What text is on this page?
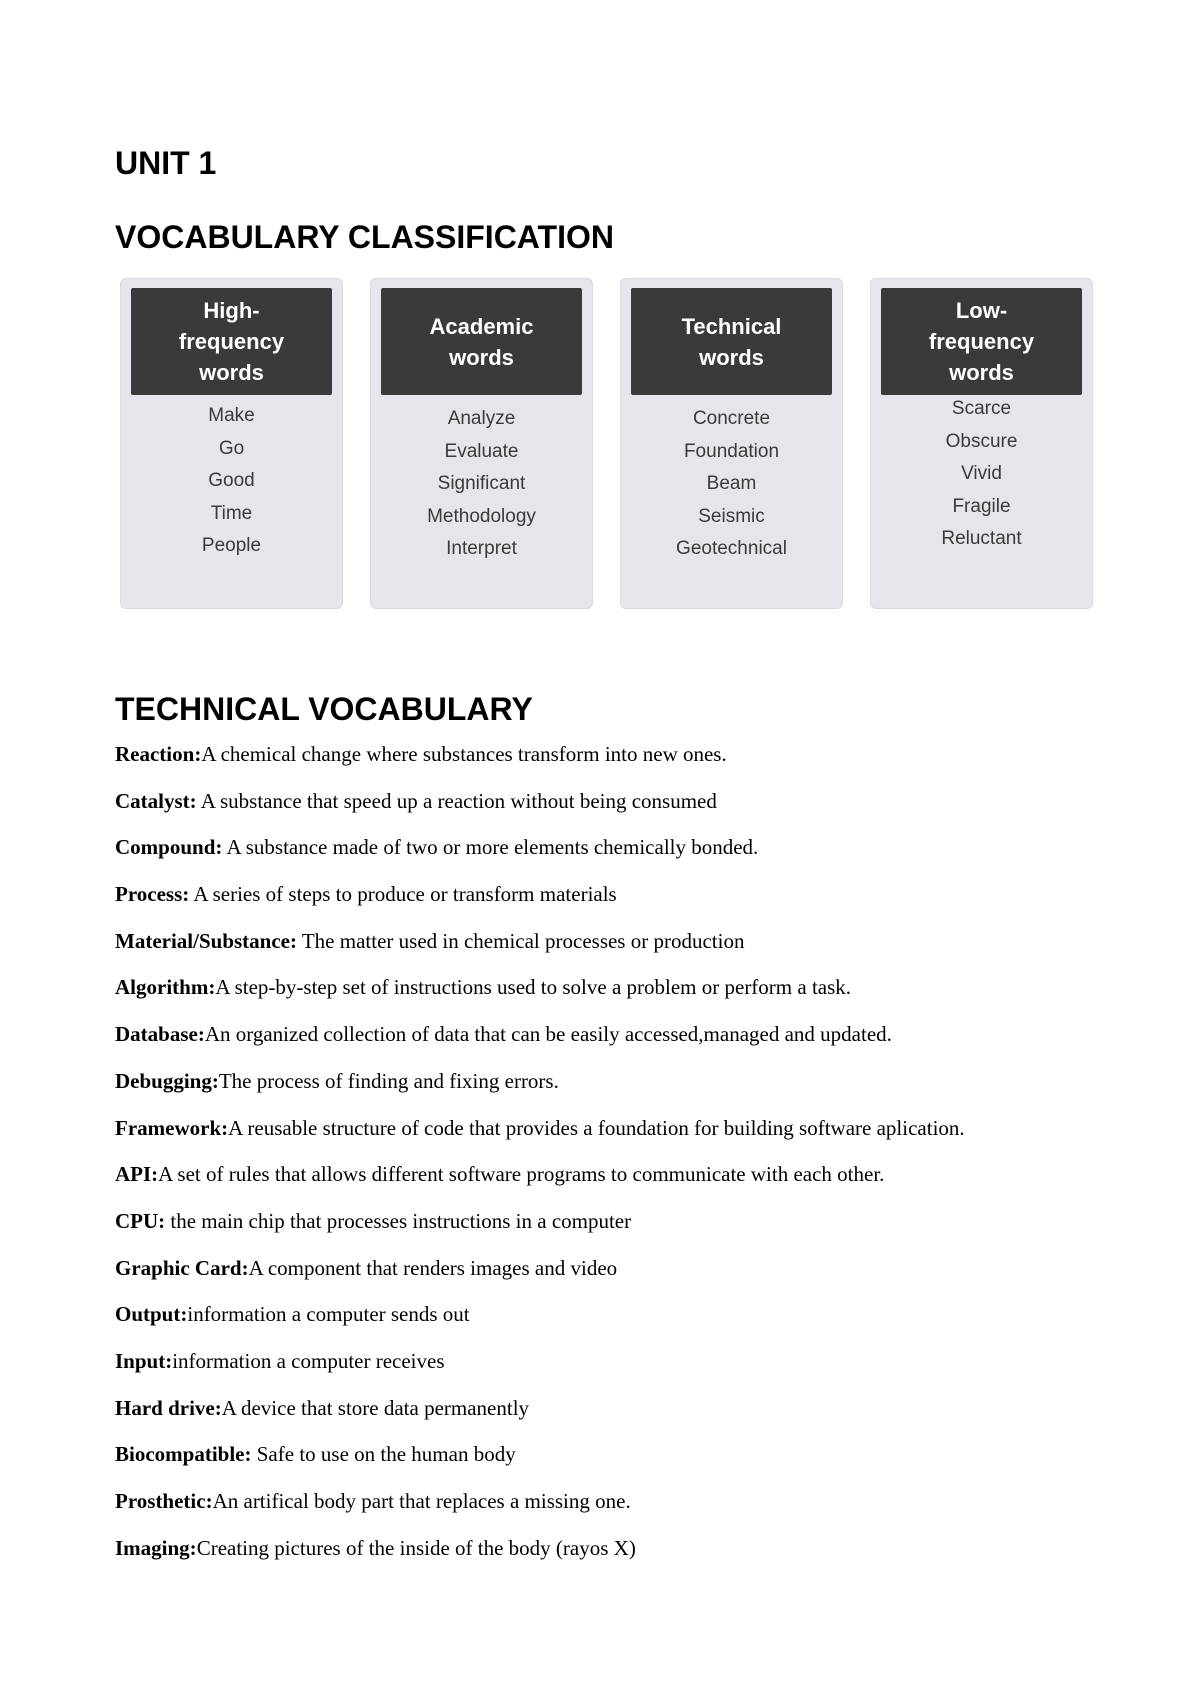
UNIT 1
VOCABULARY CLASSIFICATION
High-frequency words
Make
Go
Good
Time
People
Academic words
Analyze
Evaluate
Significant
Methodology
Interpret
Technical words
Concrete
Foundation
Beam
Seismic
Geotechnical
Low-frequency words
Scarce
Obscure
Vivid
Fragile
Reluctant
TECHNICAL VOCABULARY

Reaction:A chemical change where substances transform into new ones.

Catalyst: A substance that speed up a reaction without being consumed

Compound: A substance made of two or more elements chemically bonded.

Process: A series of steps to produce or transform materials

Material/Substance: The matter used in chemical processes or production

Algorithm:A step-by-step set of instructions used to solve a problem or perform a task.

Database:An organized collection of data that can be easily accessed,managed and updated.

Debugging:The process of finding and fixing errors.

Framework:A reusable structure of code that provides a foundation for building software aplication.

API:A set of rules that allows different software programs to communicate with each other.

CPU: the main chip that processes instructions in a computer

Graphic Card:A component that renders images and video

Output:information a computer sends out

Input:information a computer receives

Hard drive:A device that store data permanently

Biocompatible: Safe to use on the human body

Prosthetic:An artifical body part that replaces a missing one.

Imaging:Creating pictures of the inside of the body (rayos X)
